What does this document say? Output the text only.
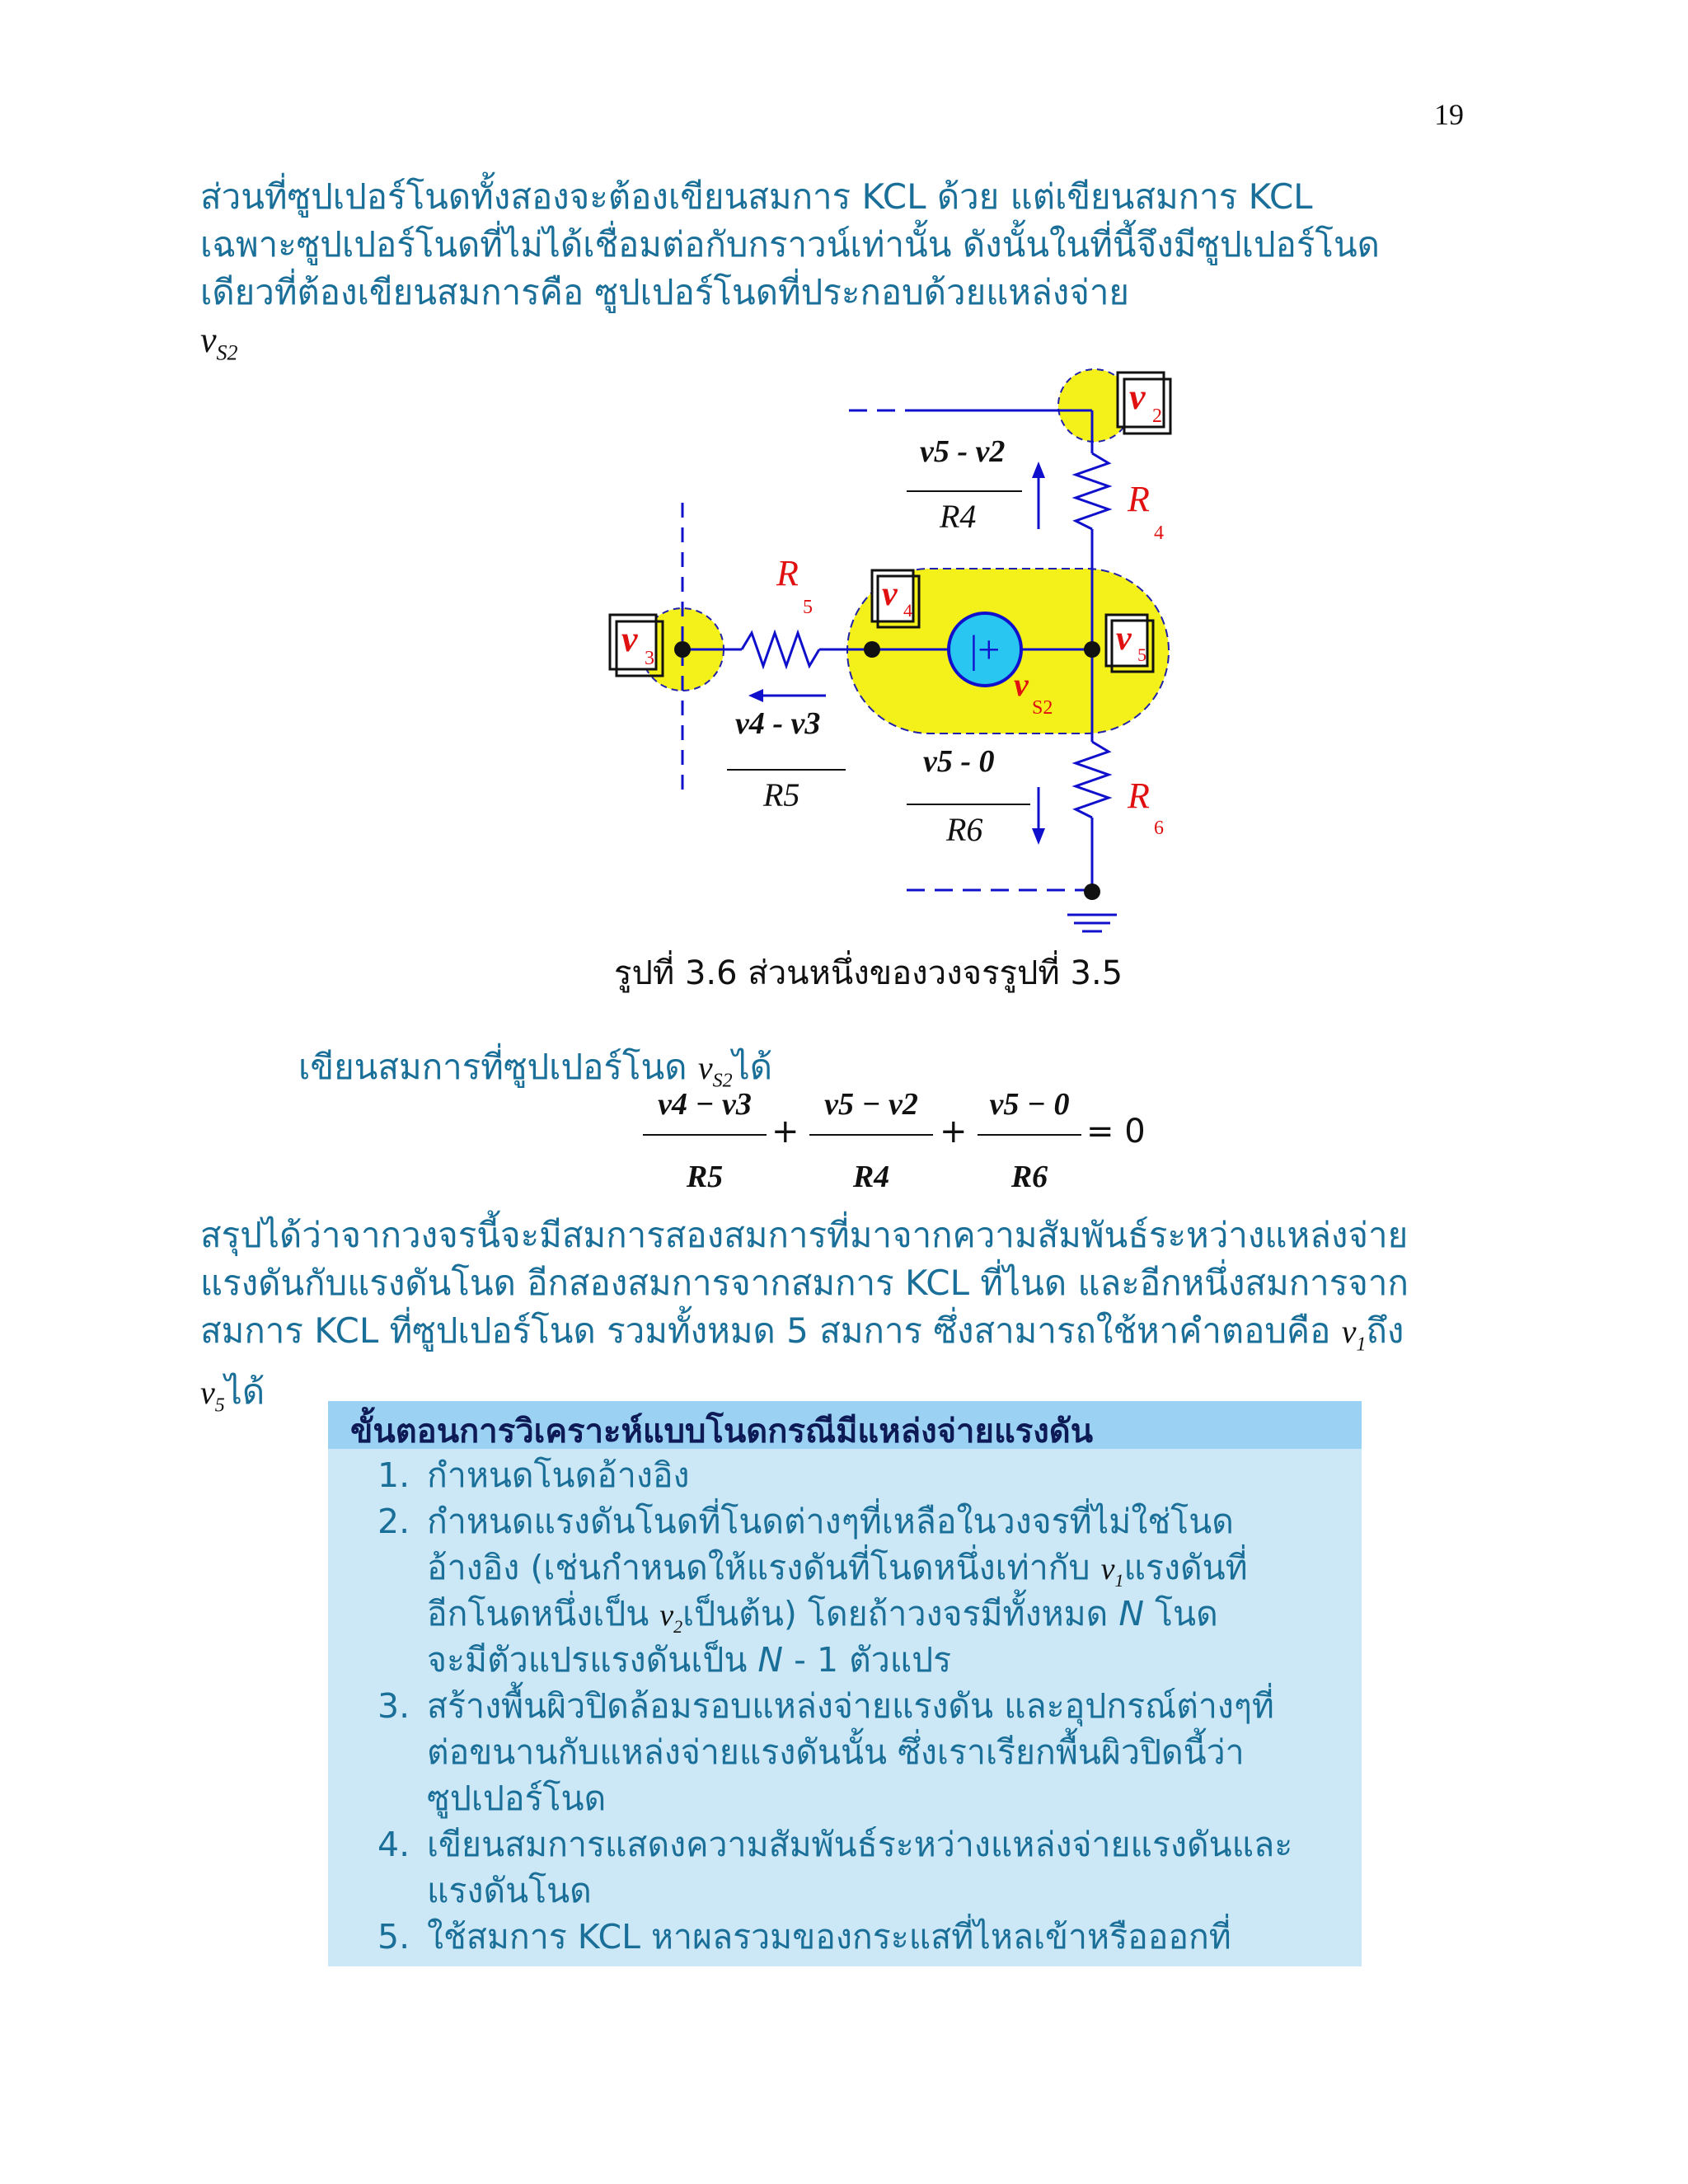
19
ส่วนที่ซูปเปอร์โนดทั้งสองจะต้องเขียนสมการ KCL ด้วย แต่เขียนสมการ KCL
เฉพาะซูปเปอร์โนดที่ไม่ได้เชื่อมต่อกับกราวน์เท่านั้น ดังนั้นในที่นี้จึงมีซูปเปอร์โนด
เดียวที่ต้องเขียนสมการคือ ซูปเปอร์โนดที่ประกอบด้วยแหล่งจ่าย
$v_{S2}$
|+
v 2
v 3
v 4
v 5
R
4
R
5
R
6
v
S2
v5 - v2
R4
v4 - v3
R5
v5 - 0
R6
รูปที่ 3.6 ส่วนหนึ่งของวงจรรูปที่ 3.5
เขียนสมการที่ซูปเปอร์โนด $v_{S2}$ได้
v4 − v3
R5
+
v5 − v2
R4
+
v5 − 0
R6
= 0
สรุปได้ว่าจากวงจรนี้จะมีสมการสองสมการที่มาจากความสัมพันธ์ระหว่างแหล่งจ่าย
แรงดันกับแรงดันโนด อีกสองสมการจากสมการ KCL ที่ไนด และอีกหนึ่งสมการจาก
สมการ KCL ที่ซูปเปอร์โนด รวมทั้งหมด 5 สมการ ซึ่งสามารถใช้หาคำตอบคือ $v_1$ถึง
$v_5$ได้
ขั้นตอนการวิเคราะห์แบบโนดกรณีมีแหล่งจ่ายแรงดัน
1. กำหนดโนดอ้างอิง
2. กำหนดแรงดันโนดที่โนดต่างๆที่เหลือในวงจรที่ไม่ใช่โนด
อ้างอิง (เช่นกำหนดให้แรงดันที่โนดหนึ่งเท่ากับ $v_1$แรงดันที่
อีกโนดหนึ่งเป็น $v_2$เป็นต้น) โดยถ้าวงจรมีทั้งหมด N โนด
จะมีตัวแปรแรงดันเป็น N - 1 ตัวแปร
3. สร้างพื้นผิวปิดล้อมรอบแหล่งจ่ายแรงดัน และอุปกรณ์ต่างๆที่
ต่อขนานกับแหล่งจ่ายแรงดันนั้น ซึ่งเราเรียกพื้นผิวปิดนี้ว่า
ซูปเปอร์โนด
4. เขียนสมการแสดงความสัมพันธ์ระหว่างแหล่งจ่ายแรงดันและ
แรงดันโนด
5. ใช้สมการ KCL หาผลรวมของกระแสที่ไหลเข้าหรือออกที่
